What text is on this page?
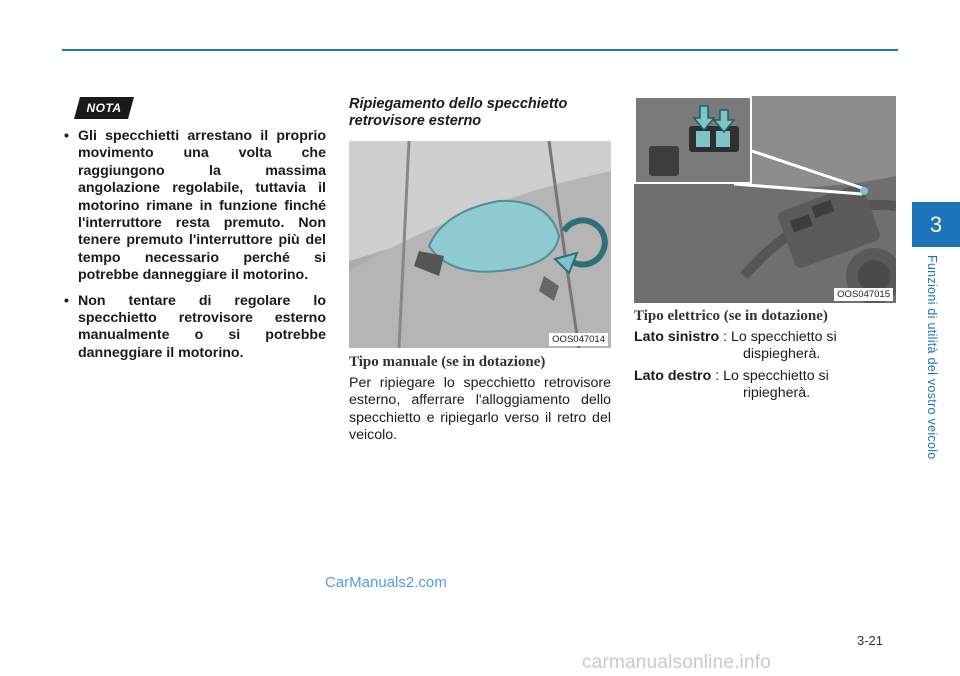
NOTA
• Gli specchietti arrestano il proprio movimento una volta che raggiungono la massima angolazione regolabile, tuttavia il motorino rimane in funzione finché l'interruttore resta premuto. Non tenere premuto l'interruttore più del tempo necessario perché si potrebbe danneggiare il motorino.
• Non tentare di regolare lo specchietto retrovisore esterno manualmente o si potrebbe danneggiare il motorino.
Ripiegamento dello specchietto retrovisore esterno
OOS047014
Tipo manuale (se in dotazione)

Per ripiegare lo specchietto retrovisore esterno, afferrare l'alloggiamento dello specchietto e ripiegarlo verso il retro del veicolo.

OOS047015
Tipo elettrico (se in dotazione)
Lato sinistro : Lo specchietto si
dispiegherà.
Lato destro : Lo specchietto si
ripiegherà.
3
Funzioni di utilità del vostro veicolo
3-21
CarManuals2.com
carmanualsonline.info
